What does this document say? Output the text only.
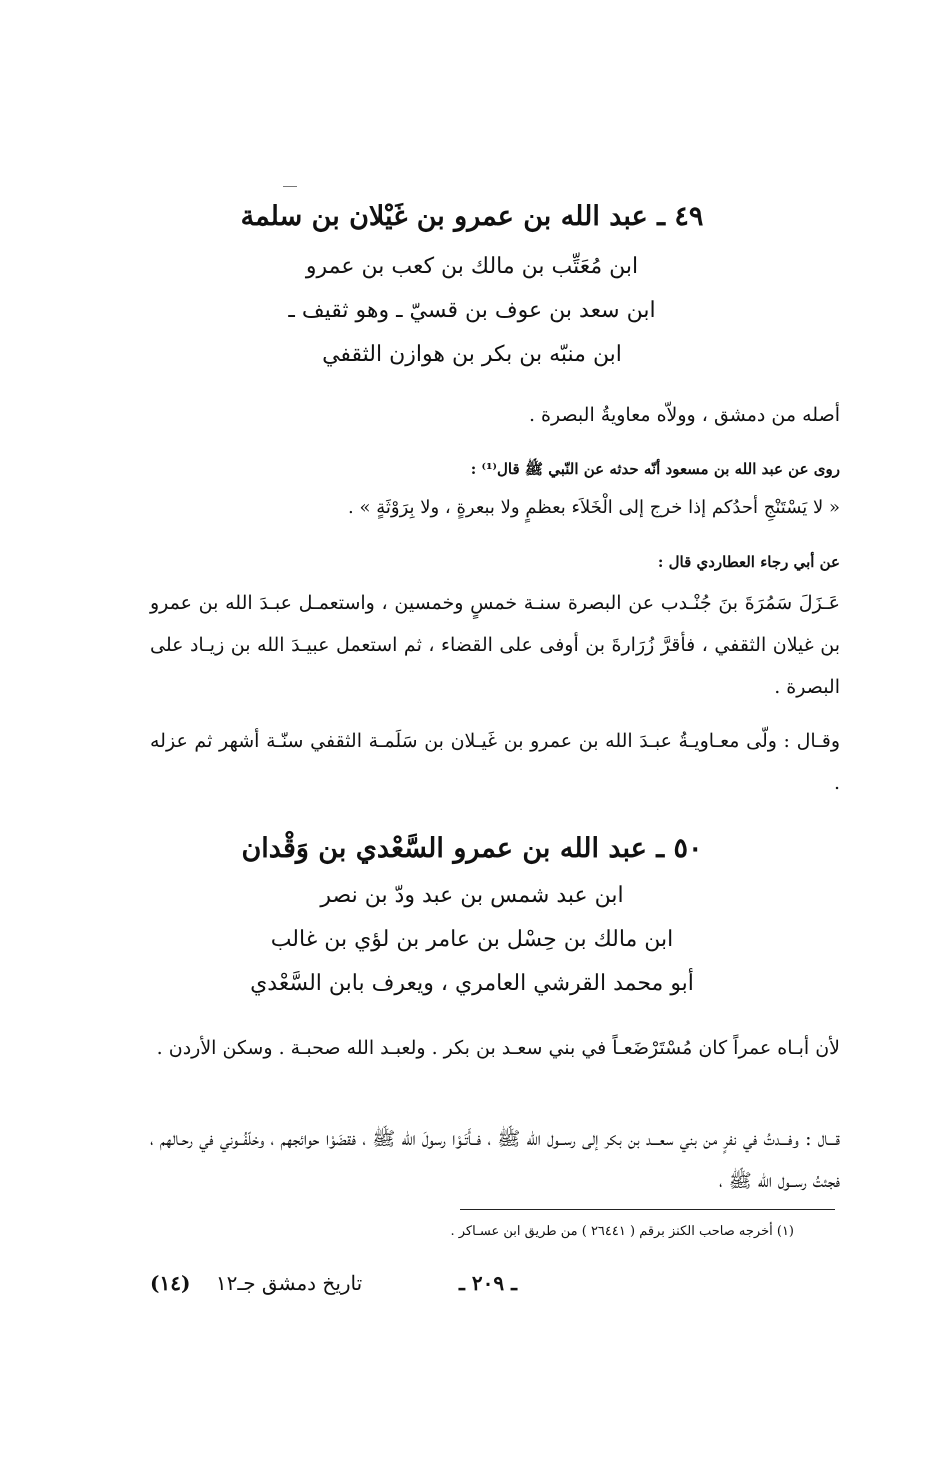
٤٩ ـ عبد الله بن عمرو بن غَيْلان بن سلمة
ابن مُعَتِّب بن مالك بن كعب بن عمرو
ابن سعد بن عوف بن قسيّ ـ وهو ثقيف ـ
ابن منبّه بن بكر بن هوازن الثقفي
أصله من دمشق ، وولاّه معاويةُ البصرة .
روى عن عبد الله بن مسعود أنّه حدثه عن النّبي ﷺ قال⁽¹⁾ :
« لا يَسْتَنْجِ أحدُكم إذا خرج إلى الْخَلاَء بعظمٍ ولا ببعرةٍ ، ولا بِرَوْثَةٍ » .
عن أبي رجاء العطاردي قال :
عَـزَلَ سَمُرَةَ بنَ جُنْـدب عن البصرة سنـة خمسٍ وخمسين ، واستعمـل عبـدَ الله بن عمرو بن غيلان الثقفي ، فأقرَّ زُرَارةَ بن أوفى على القضاء ، ثم استعمل عبيـدَ الله بن زيـاد على البصرة .
وقـال : ولّى معـاويـةُ عبـدَ الله بن عمرو بن غَيـلان بن سَلَمـة الثقفي سنّـة أشهر ثم عزله .
٥٠ ـ عبد الله بن عمرو السَّعْدي بن وَقْدان
ابن عبد شمس بن عبد ودّ بن نصر
ابن مالك بن حِسْل بن عامر بن لؤي بن غالب
أبو محمد القرشي العامري ، ويعرف بابن السَّعْدي
لأن أبـاه عمراً كان مُسْتَرْضَعـاً في بني سعـد بن بكر . ولعبـد الله صحبـة . وسكن الأردن .
قـــال : وفـــدتُ في نفرٍ من بني سعـــد بن بكر إلى رســول الله ﷺ ، فــأَتَـوْا رسولَ الله ﷺ ، فقضَوْا حوائجهم ، وخلّفُــوني في رحـالهم ، فجئتُ رســول الله ﷺ ،
(١) أخرجه صاحب الكنز برقم ( ٢٦٤٤١ ) من طريق ابن عسـاكر .
ـ ٢٠٩ ـ
(١٤) تاريخ دمشق جـ١٢
